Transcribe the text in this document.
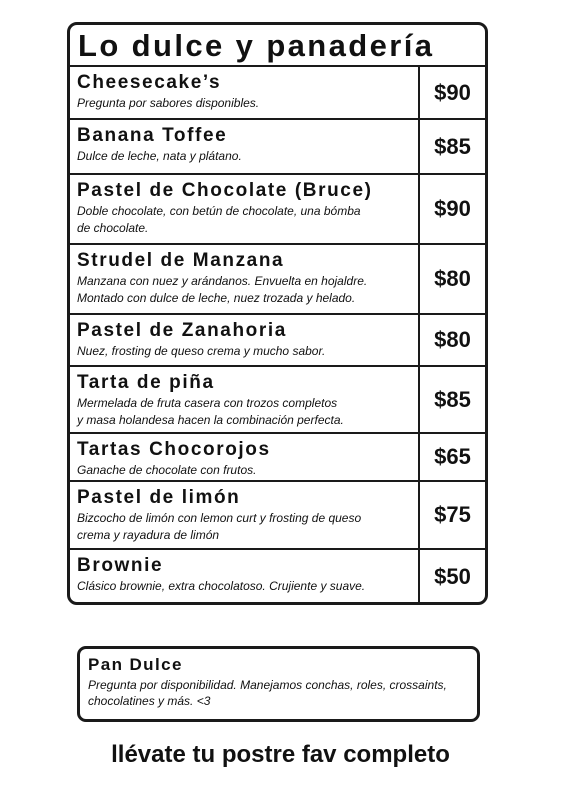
Lo dulce y panadería
Cheesecake’s
Pregunta por sabores disponibles.	$90
Banana Toffee
Dulce de leche, nata y plátano.	$85
Pastel de Chocolate (Bruce)
Doble chocolate, con betún de chocolate, una bómba
de chocolate.
$90
Strudel de Manzana
Manzana con nuez y arándanos. Envuelta en hojaldre.
Montado con dulce de leche, nuez trozada y helado.
$80
Pastel de Zanahoria
Nuez, frosting de queso crema y mucho sabor.	$80
Tarta de piña
Mermelada de fruta casera con trozos completos
y masa holandesa hacen la combinación perfecta.
$85
Tartas Chocorojos
Ganache de chocolate con frutos.
$65
Pastel de limón
Bizcocho de limón con lemon curt y frosting de queso
crema y rayadura de limón
$75
Brownie
Clásico brownie, extra chocolatoso. Crujiente y suave.	$50
Pan Dulce
Pregunta por disponibilidad. Manejamos conchas, roles, crossaints, chocolatines y más. <3
llévate tu postre fav completo
